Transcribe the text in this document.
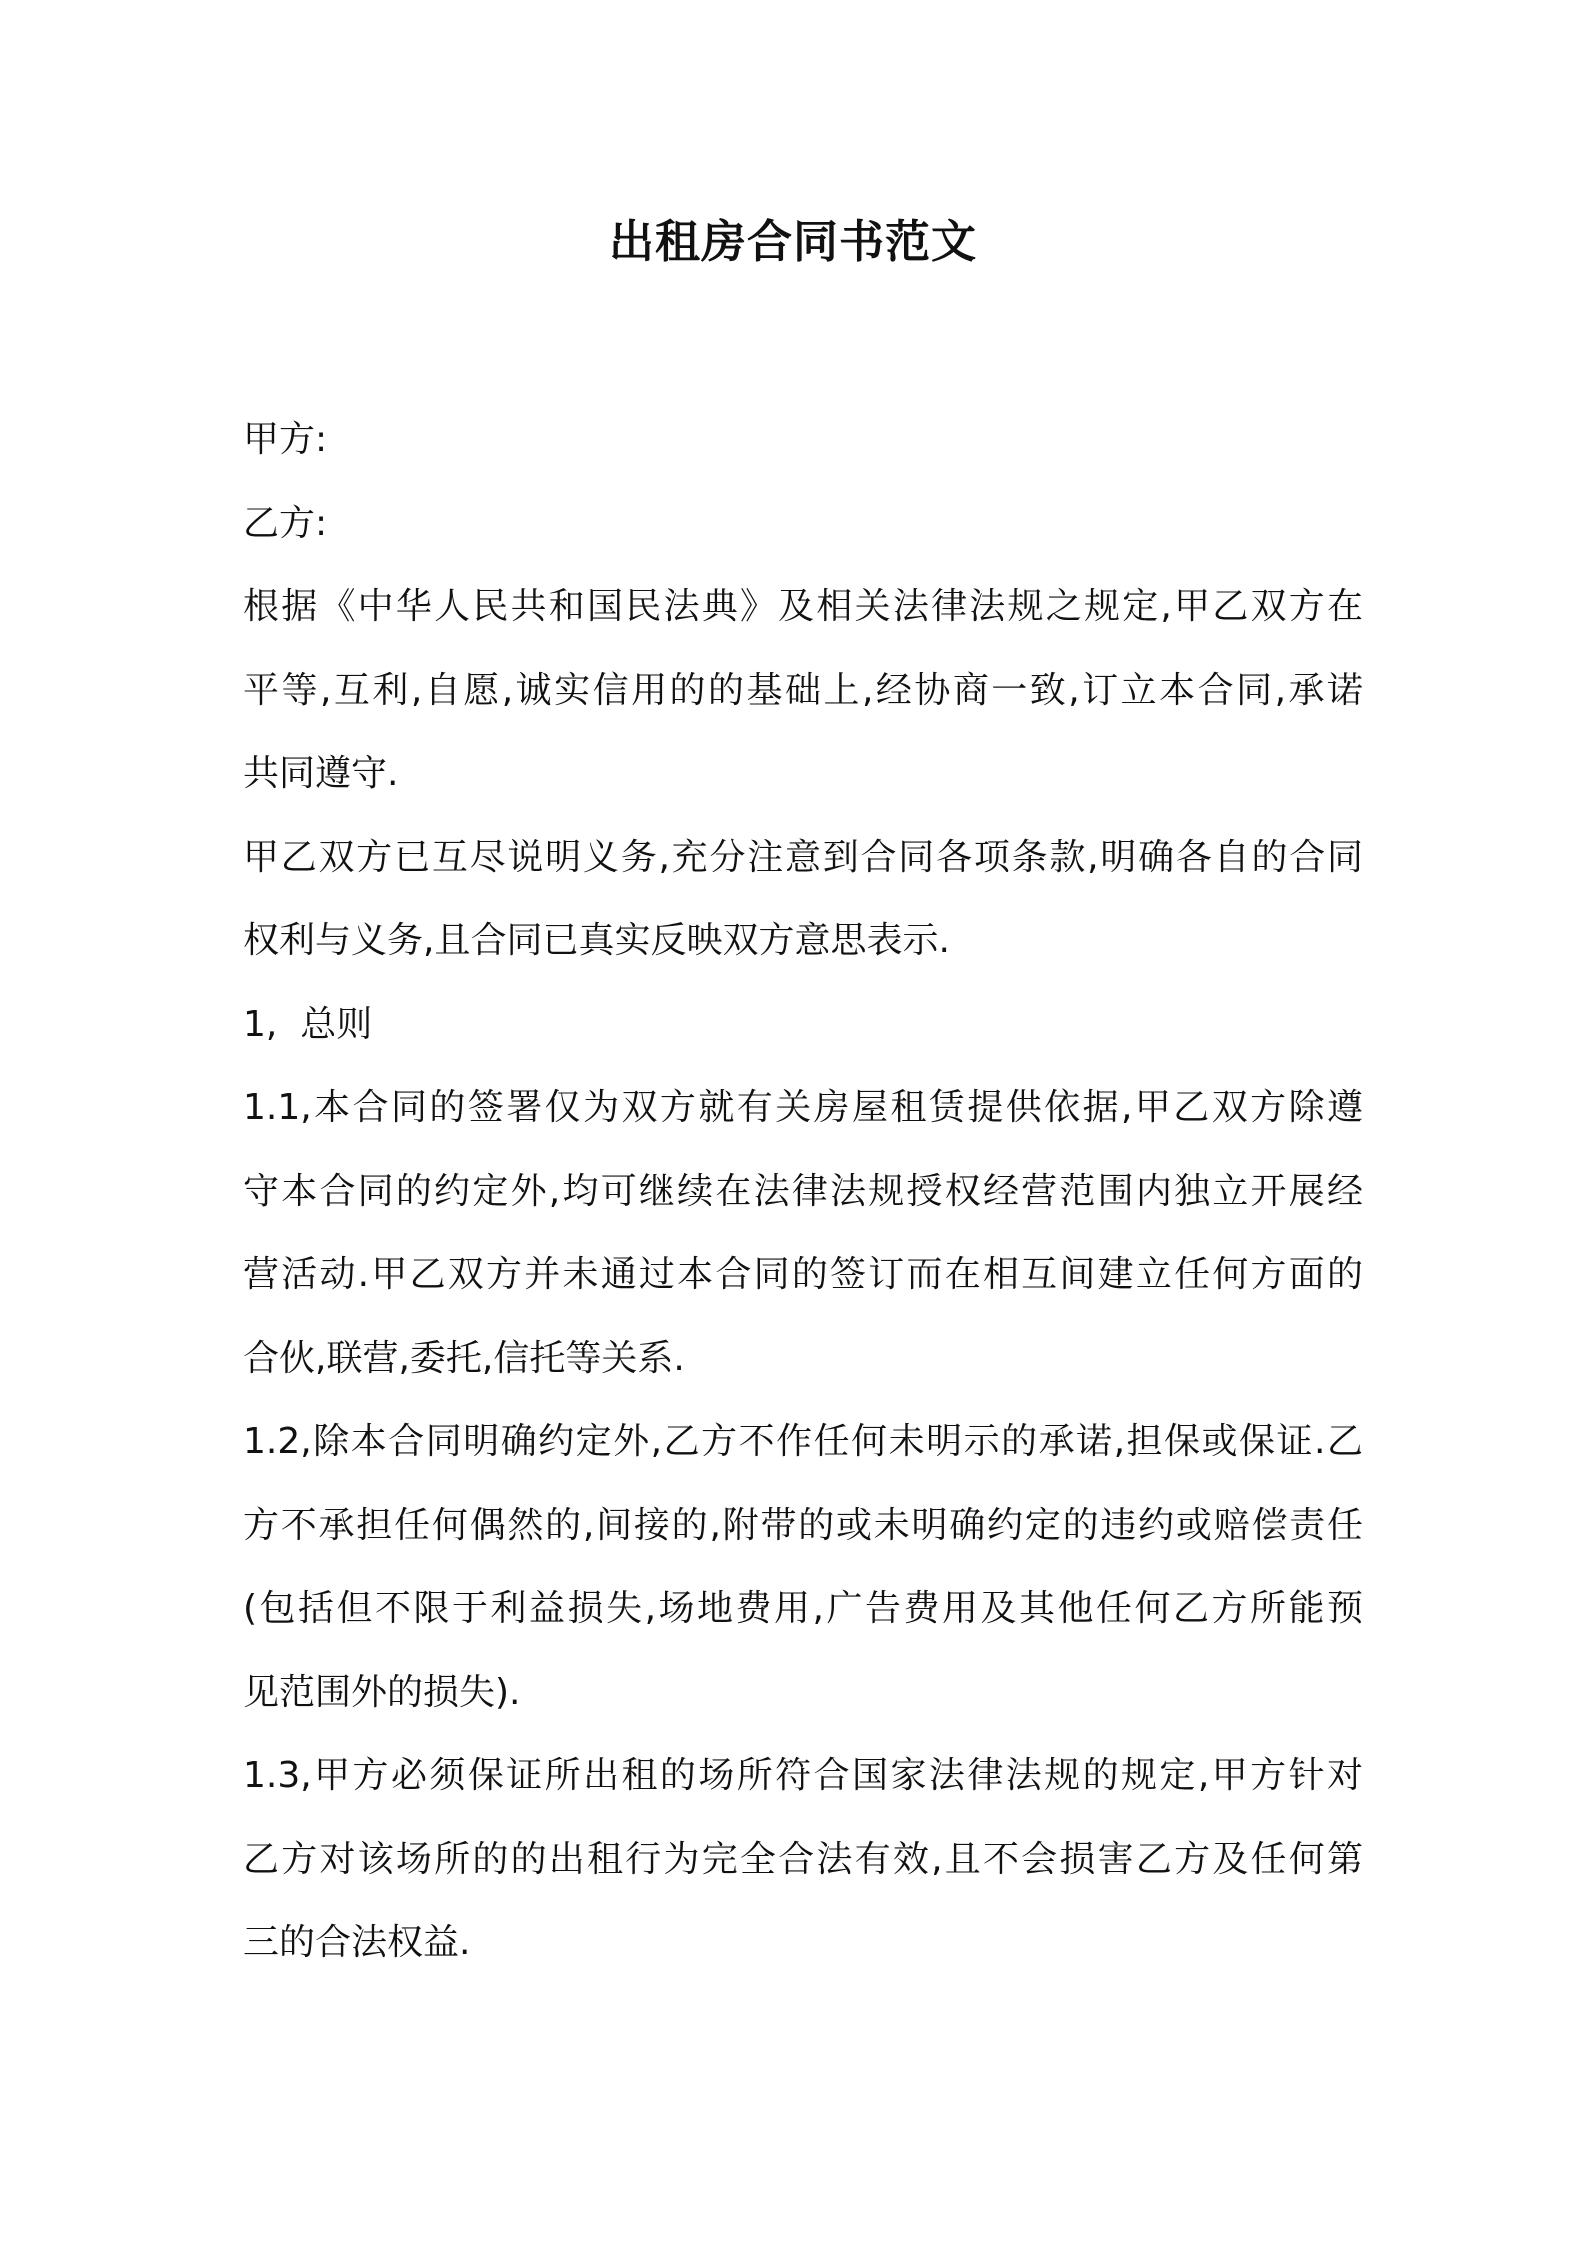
出租房合同书范文

甲方:

乙方:

根据《中华人民共和国民法典》及相关法律法规之规定,甲乙双方在
平等,互利,自愿,诚实信用的的基础上,经协商一致,订立本合同,承诺
共同遵守.

甲乙双方已互尽说明义务,充分注意到合同各项条款,明确各自的合同
权利与义务,且合同已真实反映双方意思表示.

1,  总则

1.1,本合同的签署仅为双方就有关房屋租赁提供依据,甲乙双方除遵
守本合同的约定外,均可继续在法律法规授权经营范围内独立开展经
营活动.甲乙双方并未通过本合同的签订而在相互间建立任何方面的
合伙,联营,委托,信托等关系.

1.2,除本合同明确约定外,乙方不作任何未明示的承诺,担保或保证.乙
方不承担任何偶然的,间接的,附带的或未明确约定的违约或赔偿责任
(包括但不限于利益损失,场地费用,广告费用及其他任何乙方所能预
见范围外的损失).

1.3,甲方必须保证所出租的场所符合国家法律法规的规定,甲方针对
乙方对该场所的的出租行为完全合法有效,且不会损害乙方及任何第
三的合法权益.
